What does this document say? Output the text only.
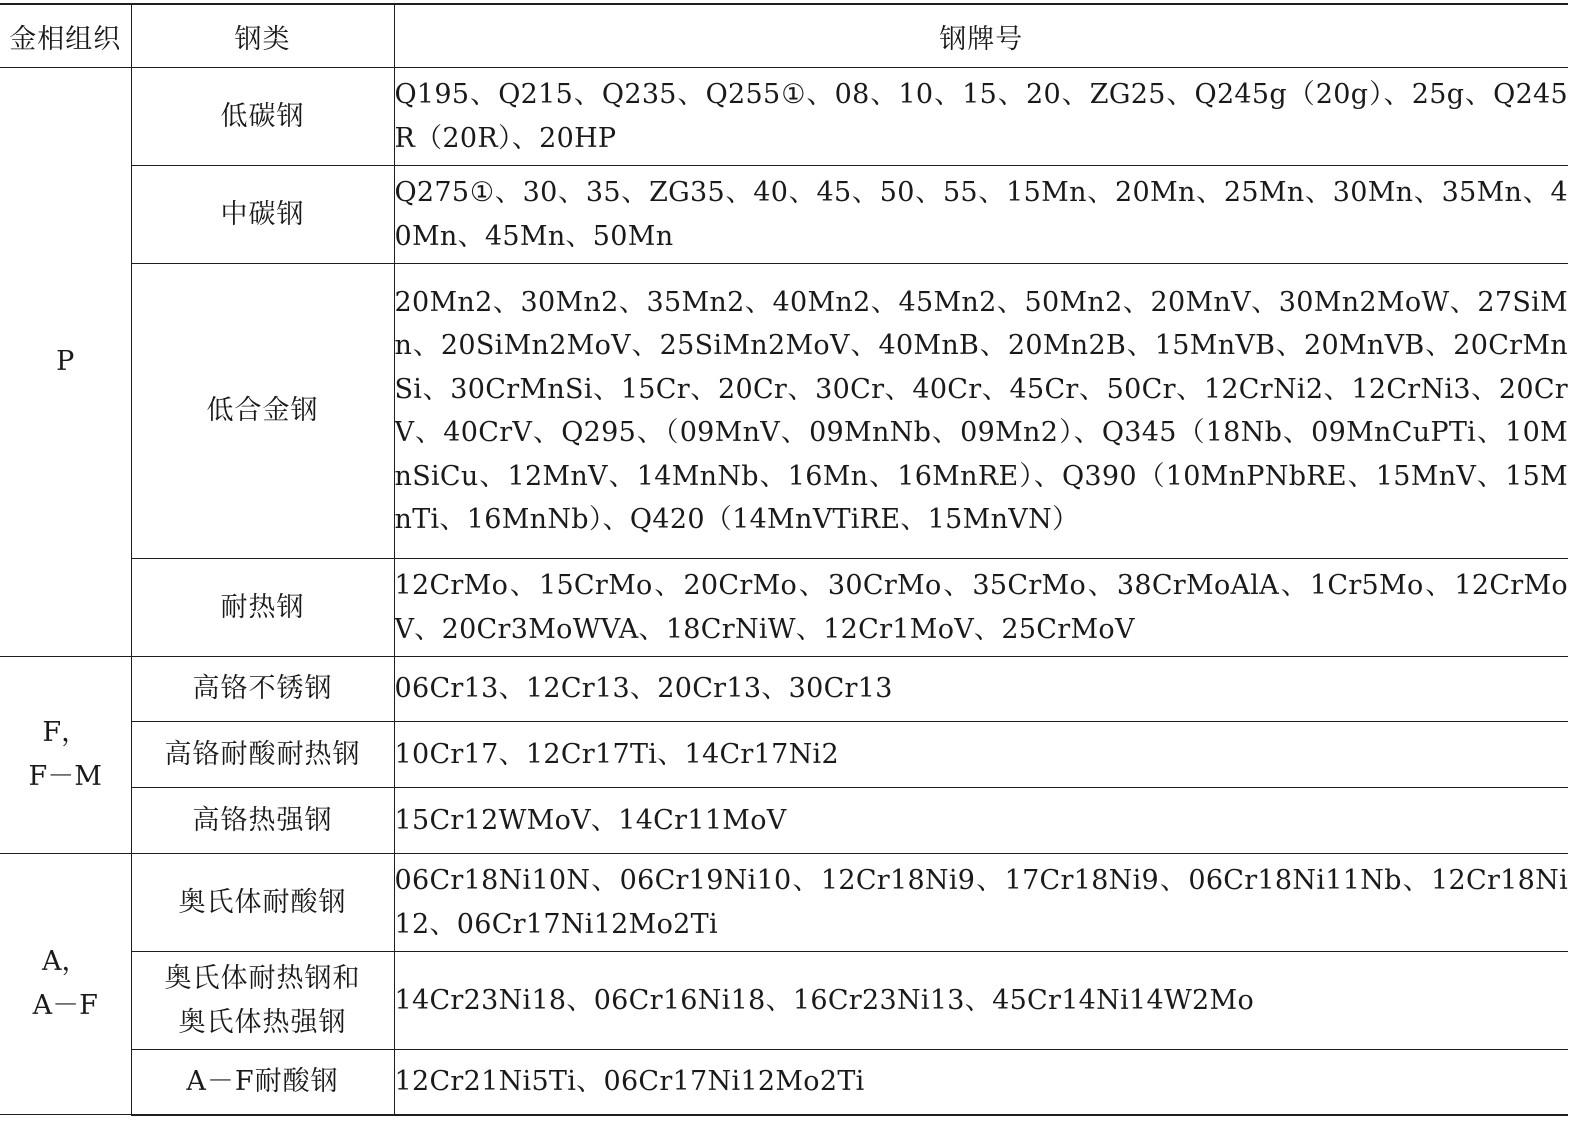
金相组织	钢类	钢牌号
P	低碳钢	Q195、Q215、Q235、Q255①、08、10、15、20、ZG25、Q245g（20g）、25g、Q245R（20R）、20HP
	中碳钢	Q275①、30、35、ZG35、40、45、50、55、15Mn、20Mn、25Mn、30Mn、35Mn、40Mn、45Mn、50Mn
	低合金钢	20Mn2、30Mn2、35Mn2、40Mn2、45Mn2、50Mn2、20MnV、30Mn2MoW、27SiMn、20SiMn2MoV、25SiMn2MoV、40MnB、20Mn2B、15MnVB、20MnVB、20CrMnSi、30CrMnSi、15Cr、20Cr、30Cr、40Cr、45Cr、50Cr、12CrNi2、12CrNi3、20CrV、40CrV、Q295、（09MnV、09MnNb、09Mn2）、Q345（18Nb、09MnCuPTi、10MnSiCu、12MnV、14MnNb、16Mn、16MnRE）、Q390（10MnPNbRE、15MnV、15MnTi、16MnNb）、Q420（14MnVTiRE、15MnVN）
	耐热钢	12CrMo、15CrMo、20CrMo、30CrMo、35CrMo、38CrMoAlA、1Cr5Mo、12CrMoV、20Cr3MoWVA、18CrNiW、12Cr1MoV、25CrMoV

F，
F－M	高铬不锈钢	06Cr13、12Cr13、20Cr13、30Cr13
	高铬耐酸耐热钢	10Cr17、12Cr17Ti、14Cr17Ni2
	高铬热强钢	15Cr12WMoV、14Cr11MoV

A，
A－F	奥氏体耐酸钢	06Cr18Ni10N、06Cr19Ni10、12Cr18Ni9、17Cr18Ni9、06Cr18Ni11Nb、12Cr18Ni12、06Cr17Ni12Mo2Ti

	奥氏体耐热钢和
奥氏体热强钢	14Cr23Ni18、06Cr16Ni18、16Cr23Ni13、45Cr14Ni14W2Mo
	A－F耐酸钢	12Cr21Ni5Ti、06Cr17Ni12Mo2Ti
